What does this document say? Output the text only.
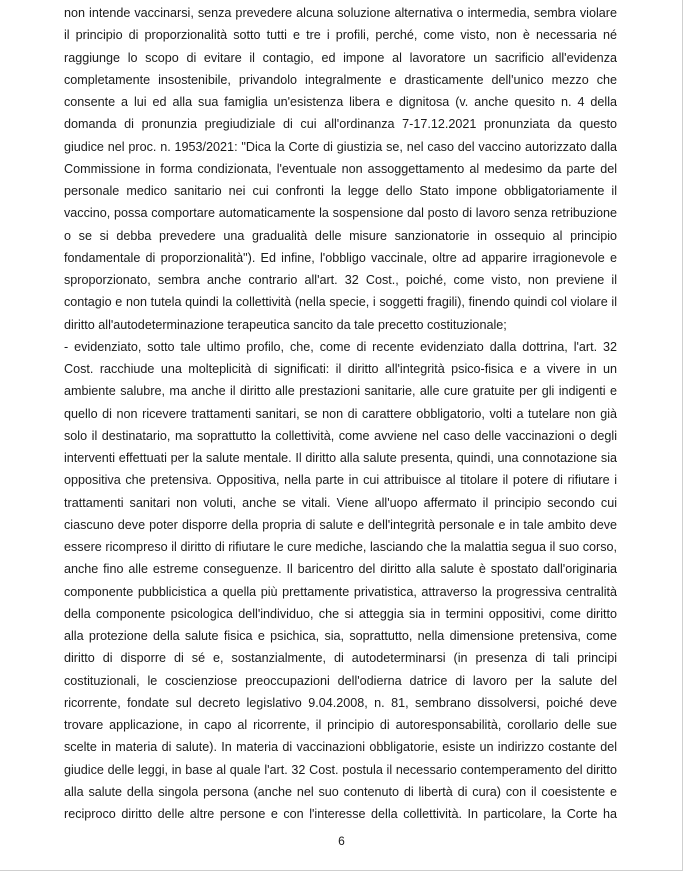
non intende vaccinarsi, senza prevedere alcuna soluzione alternativa o intermedia, sembra violare
il principio di proporzionalità sotto tutti e tre i profili, perché, come visto, non è necessaria né
raggiunge lo scopo di evitare il contagio, ed impone al lavoratore un sacrificio all'evidenza
completamente insostenibile, privandolo integralmente e drasticamente dell'unico mezzo che
consente a lui ed alla sua famiglia un'esistenza libera e dignitosa (v. anche quesito n. 4 della
domanda di pronunzia pregiudiziale di cui all'ordinanza 7-17.12.2021 pronunziata da questo
giudice nel proc. n. 1953/2021: "Dica la Corte di giustizia se, nel caso del vaccino autorizzato dalla
Commissione in forma condizionata, l'eventuale non assoggettamento al medesimo da parte del
personale medico sanitario nei cui confronti la legge dello Stato impone obbligatoriamente il
vaccino, possa comportare automaticamente la sospensione dal posto di lavoro senza retribuzione
o se si debba prevedere una gradualità delle misure sanzionatorie in ossequio al principio
fondamentale di proporzionalità"). Ed infine, l'obbligo vaccinale, oltre ad apparire irragionevole e
sproporzionato, sembra anche contrario all'art. 32 Cost., poiché, come visto, non previene il
contagio e non tutela quindi la collettività (nella specie, i soggetti fragili), finendo quindi col violare il
diritto all'autodeterminazione terapeutica sancito da tale precetto costituzionale;
- evidenziato, sotto tale ultimo profilo, che, come di recente evidenziato dalla dottrina, l'art. 32
Cost. racchiude una molteplicità di significati: il diritto all'integrità psico-fisica e a vivere in un
ambiente salubre, ma anche il diritto alle prestazioni sanitarie, alle cure gratuite per gli indigenti e
quello di non ricevere trattamenti sanitari, se non di carattere obbligatorio, volti a tutelare non già
solo il destinatario, ma soprattutto la collettività, come avviene nel caso delle vaccinazioni o degli
interventi effettuati per la salute mentale. Il diritto alla salute presenta, quindi, una connotazione sia
oppositiva che pretensiva. Oppositiva, nella parte in cui attribuisce al titolare il potere di rifiutare i
trattamenti sanitari non voluti, anche se vitali. Viene all'uopo affermato il principio secondo cui
ciascuno deve poter disporre della propria di salute e dell'integrità personale e in tale ambito deve
essere ricompreso il diritto di rifiutare le cure mediche, lasciando che la malattia segua il suo corso,
anche fino alle estreme conseguenze. Il baricentro del diritto alla salute è spostato dall'originaria
componente pubblicistica a quella più prettamente privatistica, attraverso la progressiva centralità
della componente psicologica dell'individuo, che si atteggia sia in termini oppositivi, come diritto
alla protezione della salute fisica e psichica, sia, soprattutto, nella dimensione pretensiva, come
diritto di disporre di sé e, sostanzialmente, di autodeterminarsi (in presenza di tali principi
costituzionali, le coscienziose preoccupazioni dell'odierna datrice di lavoro per la salute del
ricorrente, fondate sul decreto legislativo 9.04.2008, n. 81, sembrano dissolversi, poiché deve
trovare applicazione, in capo al ricorrente, il principio di autoresponsabilità, corollario delle sue
scelte in materia di salute). In materia di vaccinazioni obbligatorie, esiste un indirizzo costante del
giudice delle leggi, in base al quale l'art. 32 Cost. postula il necessario contemperamento del diritto
alla salute della singola persona (anche nel suo contenuto di libertà di cura) con il coesistente e
reciproco diritto delle altre persone e con l'interesse della collettività. In particolare, la Corte ha
6
